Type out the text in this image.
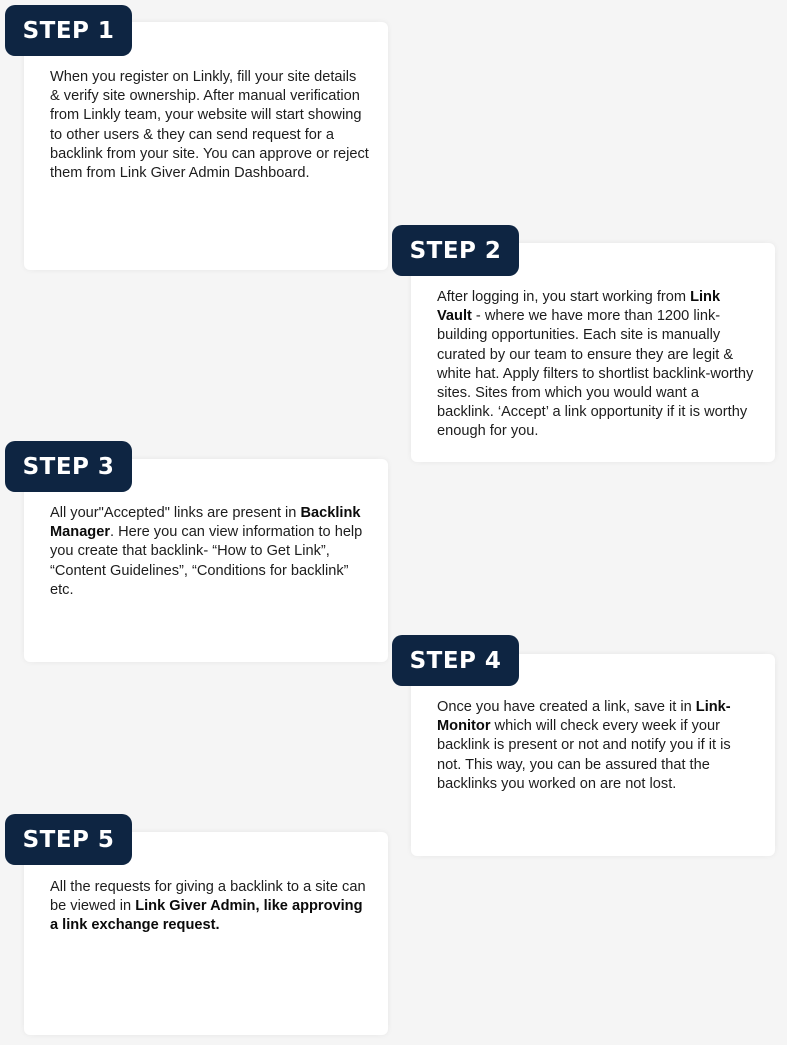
STEP 1
When you register on Linkly, fill your site details & verify site ownership. After manual verification from Linkly team, your website will start showing to other users & they can send request for a backlink from your site. You can approve or reject them from Link Giver Admin Dashboard.
STEP 2
After logging in, you start working from Link Vault - where we have more than 1200 link-building opportunities. Each site is manually curated by our team to ensure they are legit & white hat. Apply filters to shortlist backlink-worthy sites. Sites from which you would want a backlink. ‘Accept’ a link opportunity if it is worthy enough for you.
STEP 3
All your"Accepted" links are present in Backlink Manager. Here you can view information to help you create that backlink- “How to Get Link”, “Content Guidelines”, “Conditions for backlink” etc.
STEP 4
Once you have created a link, save it in Link-Monitor which will check every week if your backlink is present or not and notify you if it is not. This way, you can be assured that the backlinks you worked on are not lost.
STEP 5
All the requests for giving a backlink to a site can be viewed in Link Giver Admin, like approving a link exchange request.
